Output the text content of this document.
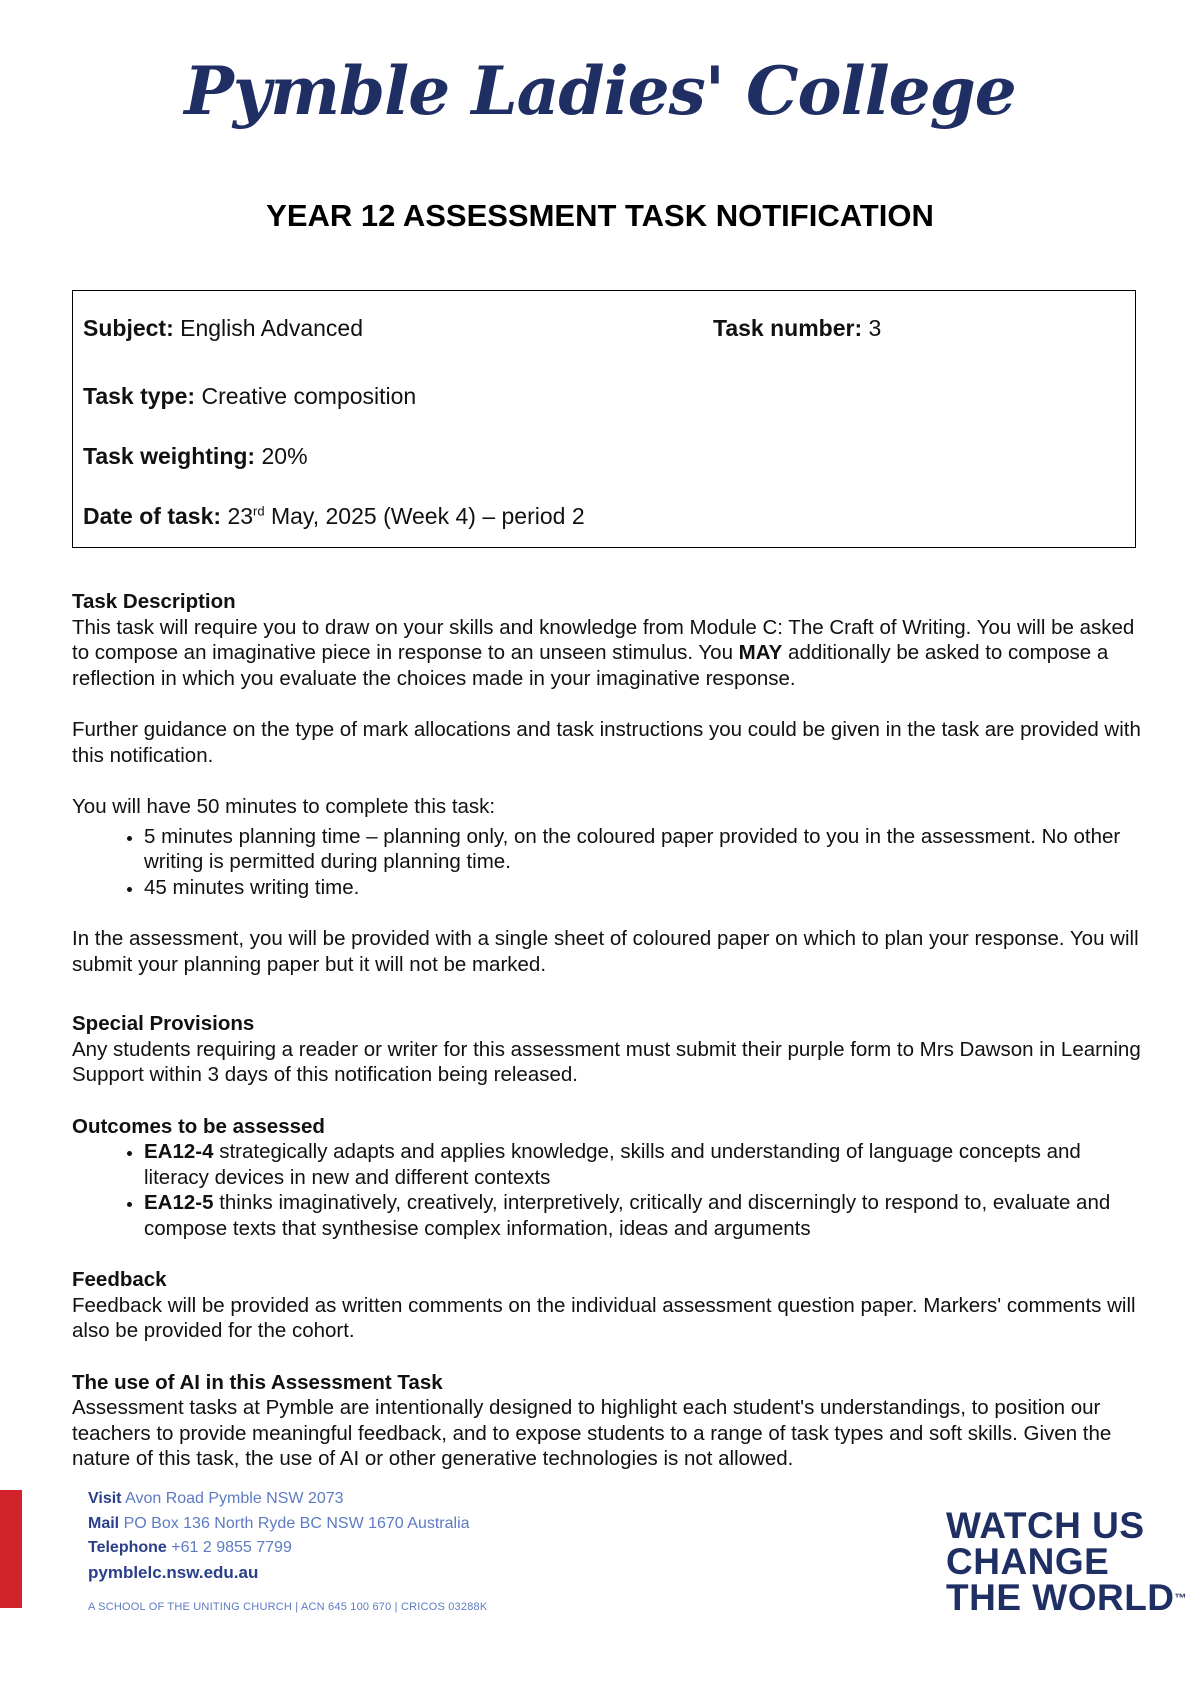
Pymble Ladies' College
YEAR 12 ASSESSMENT TASK NOTIFICATION
Subject: English Advanced	Task number: 3
Task type: Creative composition
Task weighting: 20%
Date of task: 23rd May, 2025 (Week 4) – period 2
Task Description

This task will require you to draw on your skills and knowledge from Module C: The Craft of Writing. You will be asked to compose an imaginative piece in response to an unseen stimulus. You MAY additionally be asked to compose a reflection in which you evaluate the choices made in your imaginative response.

Further guidance on the type of mark allocations and task instructions you could be given in the task are provided with this notification.

You will have 50 minutes to complete this task:

• 5 minutes planning time – planning only, on the coloured paper provided to you in the assessment. No other writing is permitted during planning time.
• 45 minutes writing time.

In the assessment, you will be provided with a single sheet of coloured paper on which to plan your response. You will submit your planning paper but it will not be marked.

Special Provisions

Any students requiring a reader or writer for this assessment must submit their purple form to Mrs Dawson in Learning Support within 3 days of this notification being released.

Outcomes to be assessed
• EA12-4 strategically adapts and applies knowledge, skills and understanding of language concepts and literacy devices in new and different contexts
• EA12-5 thinks imaginatively, creatively, interpretively, critically and discerningly to respond to, evaluate and compose texts that synthesise complex information, ideas and arguments
Feedback

Feedback will be provided as written comments on the individual assessment question paper. Markers' comments will also be provided for the cohort.

The use of AI in this Assessment Task

Assessment tasks at Pymble are intentionally designed to highlight each student's understandings, to position our teachers to provide meaningful feedback, and to expose students to a range of task types and soft skills. Given the nature of this task, the use of AI or other generative technologies is not allowed.

Visit Avon Road Pymble NSW 2073
Mail PO Box 136 North Ryde BC NSW 1670 Australia
Telephone +61 2 9855 7799
pymblelc.nsw.edu.au
A SCHOOL OF THE UNITING CHURCH | ACN 645 100 670 | CRICOS 03288K
WATCH US
CHANGE
THE WORLD™
